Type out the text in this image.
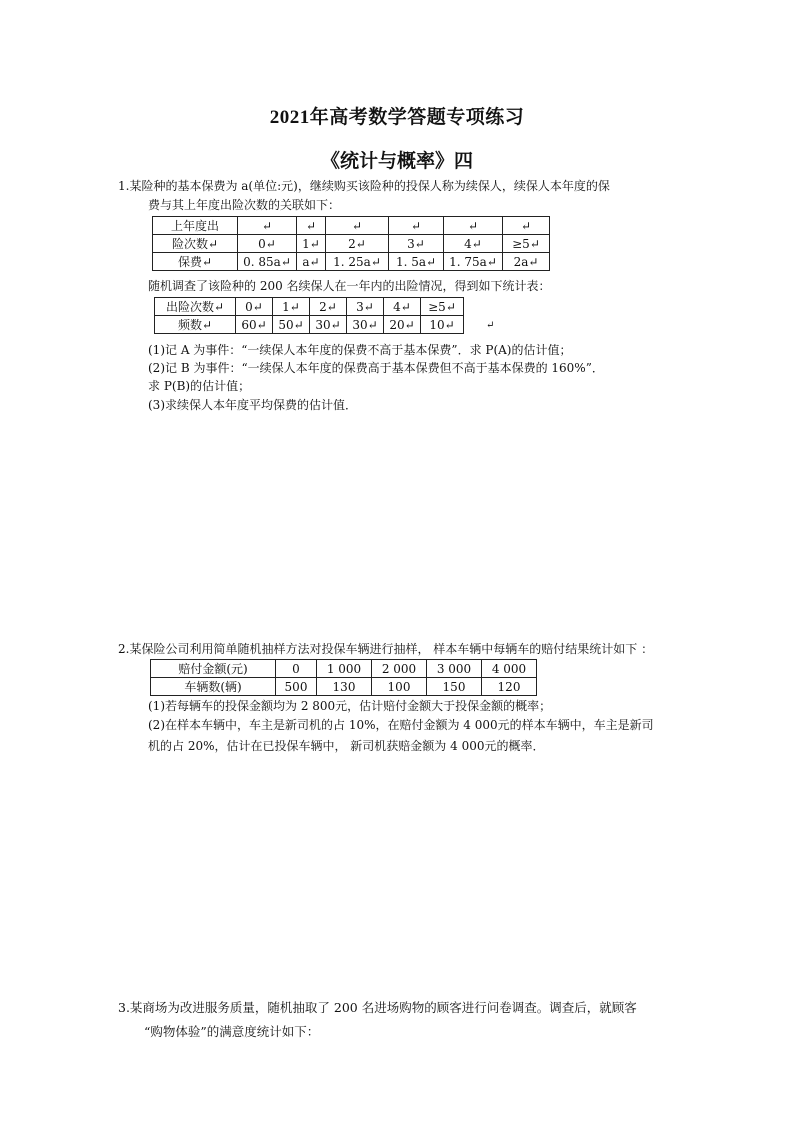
2021年高考数学答题专项练习
《统计与概率》四
1.某险种的基本保费为 a(单位:元)，继续购买该险种的投保人称为续保人，续保人本年度的保
费与其上年度出险次数的关联如下：
上年度出	↵	↵	↵	↵	↵	↵
险次数↵	0↵	1↵	2↵	3↵	4↵	≥5↵
保费↵	0. 85a↵	a↵	1. 25a↵	1. 5a↵	1. 75a↵	2a↵
随机调查了该险种的 200 名续保人在一年内的出险情况，得到如下统计表：
出险次数↵	0↵	1↵	2↵	3↵	4↵	≥5↵
频数↵	60↵	50↵	30↵	30↵	20↵	10↵	↵
(1)记 A 为事件：“一续保人本年度的保费不高于基本保费”．求 P(A)的估计值；
(2)记 B 为事件：“一续保人本年度的保费高于基本保费但不高于基本保费的 160%”．
求 P(B)的估计值；
(3)求续保人本年度平均保费的估计值．
2.某保险公司利用简单随机抽样方法对投保车辆进行抽样， 样本车辆中每辆车的赔付结果统计如下 ：
赔付金额(元)	0	1 000	2 000	3 000	4 000
车辆数(辆)	500	130	100	150	120
(1)若每辆车的投保金额均为 2 800元，估计赔付金额大于投保金额的概率；
(2)在样本车辆中，车主是新司机的占 10%，在赔付金额为 4 000元的样本车辆中，车主是新司
机的占 20%，估计在已投保车辆中， 新司机获赔金额为 4 000元的概率．
3.某商场为改进服务质量，随机抽取了 200 名进场购物的顾客进行问卷调查。调查后，就顾客
“购物体验”的满意度统计如下：
